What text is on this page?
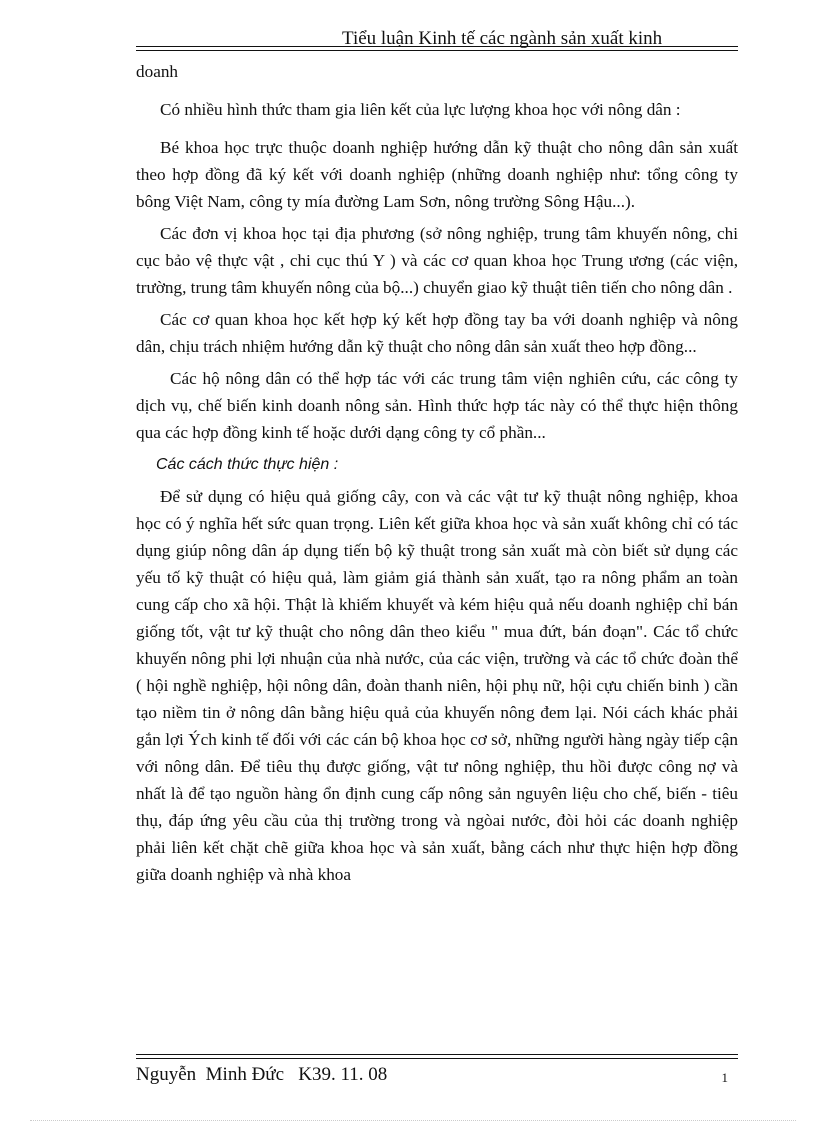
Tiểu luận Kinh tế các ngành sản xuất kinh

doanh

Có nhiều hình thức tham gia liên kết của lực lượng khoa học với nông dân :

Bé khoa học trực thuộc doanh nghiệp hướng dẫn kỹ thuật cho nông dân sản xuất theo hợp đồng đã ký kết với doanh nghiệp (những doanh nghiệp như: tổng công ty bông Việt Nam, công ty mía đường Lam Sơn, nông trường Sông Hậu...).

Các đơn vị khoa học tại địa phương (sở nông nghiệp, trung tâm khuyến nông, chi cục bảo vệ thực vật , chi cục thú Y ) và các cơ quan khoa học Trung ương (các viện, trường, trung tâm khuyến nông của bộ...) chuyển giao kỹ thuật tiên tiến cho nông dân .

Các cơ quan khoa học kết hợp ký kết hợp đồng tay ba với doanh nghiệp và nông dân, chịu trách nhiệm hướng dẫn kỹ thuật cho nông dân sản xuất theo hợp đồng...

Các hộ nông dân có thể hợp tác với các trung tâm viện nghiên cứu, các công ty dịch vụ, chế biến kinh doanh nông sản. Hình thức hợp tác này có thể thực hiện thông qua các hợp đồng kinh tế hoặc dưới dạng công ty cổ phần...

Các cách thức thực hiện :

Để sử dụng có hiệu quả giống cây, con và các vật tư kỹ thuật nông nghiệp, khoa học có ý nghĩa hết sức quan trọng. Liên kết giữa khoa học và sản xuất không chỉ có tác dụng giúp nông dân áp dụng tiến bộ kỹ thuật trong sản xuất mà còn biết sử dụng các yếu tố kỹ thuật có hiệu quả, làm giảm giá thành sản xuất, tạo ra nông phẩm an toàn cung cấp cho xã hội. Thật là khiếm khuyết và kém hiệu quả nếu doanh nghiệp chỉ bán giống tốt, vật tư kỹ thuật cho nông dân theo kiểu " mua đứt, bán đoạn". Các tổ chức khuyến nông phi lợi nhuận của nhà nước, của các viện, trường và các tổ chức đoàn thể ( hội nghề nghiệp, hội nông dân, đoàn thanh niên, hội phụ nữ, hội cựu chiến binh ) cần tạo niềm tin ở nông dân bằng hiệu quả của khuyến nông đem lại. Nói cách khác phải gắn lợi Ých kinh tế đối với các cán bộ khoa học cơ sở, những người hàng ngày tiếp cận với nông dân. Để tiêu thụ được giống, vật tư nông nghiệp, thu hồi được công nợ và nhất là để tạo nguồn hàng ổn định cung cấp nông sản nguyên liệu cho chế, biến - tiêu thụ, đáp ứng yêu cầu của thị trường trong và ngòai nước, đòi hỏi các doanh nghiệp phải liên kết chặt chẽ giữa khoa học và sản xuất, bằng cách như thực hiện hợp đồng giữa doanh nghiệp và nhà khoa

Nguyễn  Minh Đức   K39. 11. 08	1
